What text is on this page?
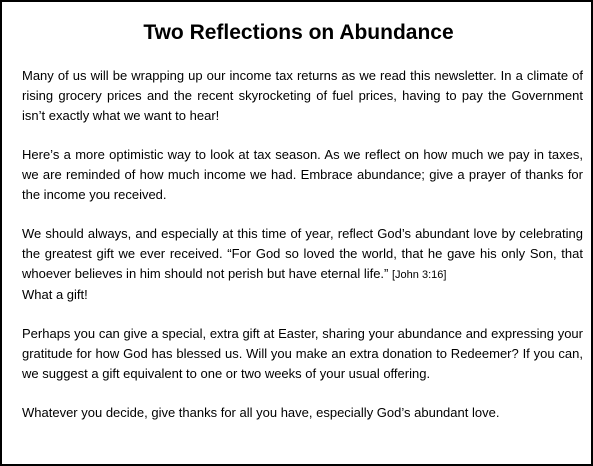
Two Reflections on Abundance

Many of us will be wrapping up our income tax returns as we read this newsletter. In a climate of rising grocery prices and the recent skyrocketing of fuel prices, having to pay the Government isn’t exactly what we want to hear!

Here’s a more optimistic way to look at tax season. As we reflect on how much we pay in taxes, we are reminded of how much income we had. Embrace abundance; give a prayer of thanks for the income you received.

We should always, and especially at this time of year, reflect God’s abundant love by celebrating the greatest gift we ever received. “For God so loved the world, that he gave his only Son, that whoever believes in him should not perish but have eternal life.” [John 3:16]
What a gift!

Perhaps you can give a special, extra gift at Easter, sharing your abundance and expressing your gratitude for how God has blessed us. Will you make an extra donation to Redeemer? If you can, we suggest a gift equivalent to one or two weeks of your usual offering.

Whatever you decide, give thanks for all you have, especially God’s abundant love.
